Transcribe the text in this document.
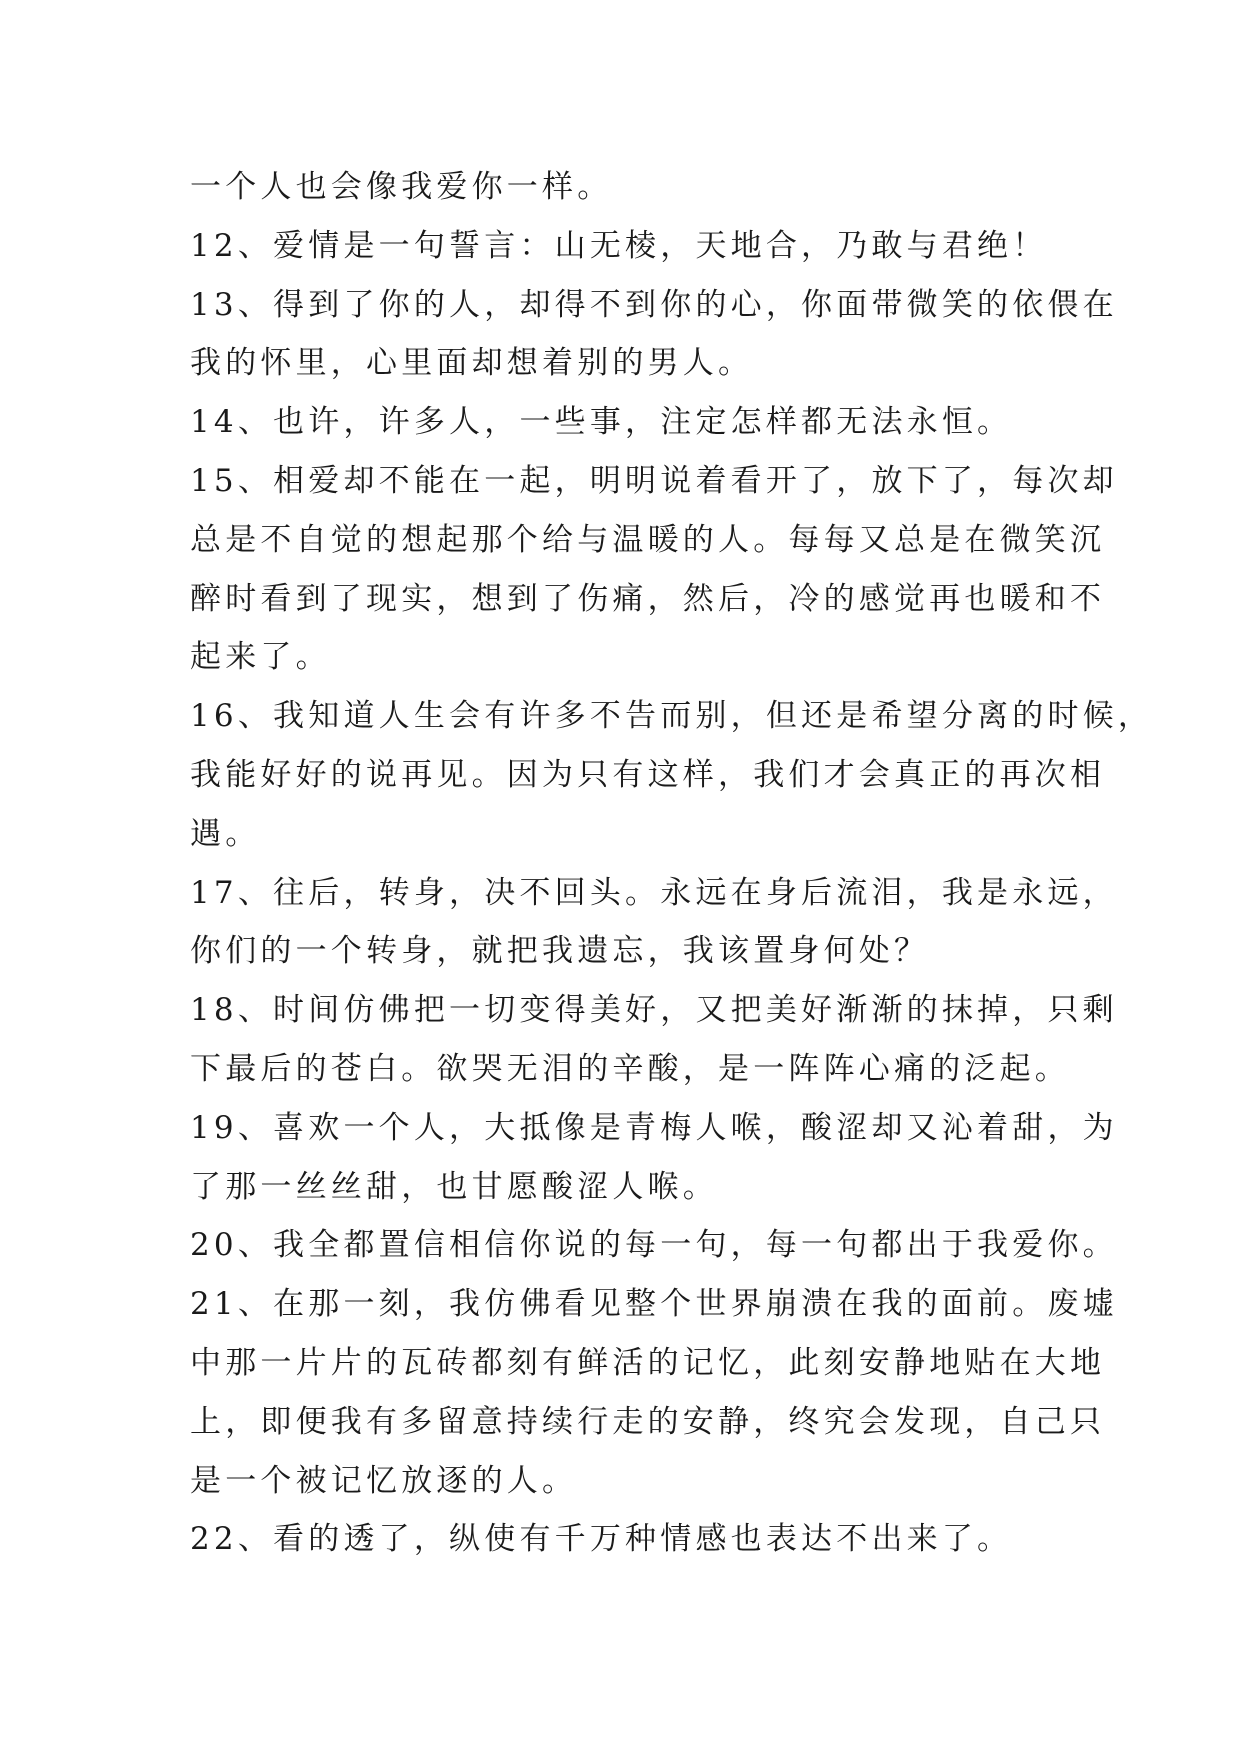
一个人也会像我爱你一样。
12、爱情是一句誓言：山无棱，天地合，乃敢与君绝！
13、得到了你的人，却得不到你的心，你面带微笑的依偎在
我的怀里，心里面却想着别的男人。
14、也许，许多人，一些事，注定怎样都无法永恒。
15、相爱却不能在一起，明明说着看开了，放下了，每次却
总是不自觉的想起那个给与温暖的人。每每又总是在微笑沉
醉时看到了现实，想到了伤痛，然后，冷的感觉再也暖和不
起来了。
16、我知道人生会有许多不告而别，但还是希望分离的时候，
我能好好的说再见。因为只有这样，我们才会真正的再次相
遇。
17、往后，转身，决不回头。永远在身后流泪，我是永远，
你们的一个转身，就把我遗忘，我该置身何处？
18、时间仿佛把一切变得美好，又把美好渐渐的抹掉，只剩
下最后的苍白。欲哭无泪的辛酸，是一阵阵心痛的泛起。
19、喜欢一个人，大抵像是青梅人喉，酸涩却又沁着甜，为
了那一丝丝甜，也甘愿酸涩人喉。
20、我全都置信相信你说的每一句，每一句都出于我爱你。
21、在那一刻，我仿佛看见整个世界崩溃在我的面前。废墟
中那一片片的瓦砖都刻有鲜活的记忆，此刻安静地贴在大地
上，即便我有多留意持续行走的安静，终究会发现，自己只
是一个被记忆放逐的人。
22、看的透了，纵使有千万种情感也表达不出来了。
